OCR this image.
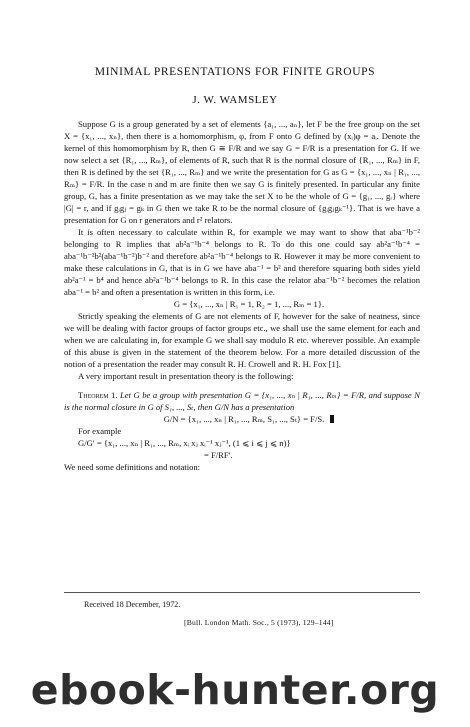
MINIMAL PRESENTATIONS FOR FINITE GROUPS
J. W. WAMSLEY

Suppose G is a group generated by a set of elements {a₁, ..., aₙ}, let F be the free group on the set X = {x₁, ..., xₙ}, then there is a homomorphism, φ, from F onto G defined by (xᵢ)φ = aᵢ. Denote the kernel of this homomorphism by R, then G ≅ F/R and we say G = F/R is a presentation for G. If we now select a set {R₁, ..., Rₘ}, of elements of R, such that R is the normal closure of {R₁, ..., Rₘ} in F, then R is defined by the set {R₁, ..., Rₘ} and we write the presentation for G as G = {x₁, ..., xₙ | R₁, ..., Rₘ} = F/R. In the case n and m are finite then we say G is finitely presented. In particular any finite group, G, has a finite presentation as we may take the set X to be the whole of G = {g₁, ..., gᵣ} where |G| = r, and if gᵢgⱼ = gₖ in G then we take R to be the normal closure of {gᵢgⱼgₖ⁻¹}. That is we have a presentation for G on r generators and r² relators.

It is often necessary to calculate within R, for example we may want to show that aba⁻¹b⁻² belonging to R implies that ab²a⁻¹b⁻⁴ belongs to R. To do this one could say ab²a⁻¹b⁻⁴ = aba⁻¹b⁻²b²(aba⁻¹b⁻²)b⁻² and therefore ab²a⁻¹b⁻⁴ belongs to R. However it may be more convenient to make these calculations in G, that is in G we have aba⁻¹ = b² and therefore squaring both sides yield ab²a⁻¹ = b⁴ and hence ab²a⁻¹b⁻⁴ belongs to R. In this case the relator aba⁻¹b⁻² becomes the relation aba⁻¹ = b² and often a presentation is written in this form, i.e.

G = {x₁, ..., xₙ | R₁ = 1, R₂ = 1, ..., Rₘ = 1}.

Strictly speaking the elements of G are not elements of F, however for the sake of neatness, since we will be dealing with factor groups of factor groups etc., we shall use the same element for each and when we are calculating in, for example G we shall say modulo R etc. wherever possible. An example of this abuse is given in the statement of the theorem below. For a more detailed discussion of the notion of a presentation the reader may consult R. H. Crowell and R. H. Fox [1].

A very important result in presentation theory is the following:

Theorem 1. Let G be a group with presentation G = {x₁, ..., xₙ | R₁, ..., Rₘ} = F/R, and suppose N is the normal closure in G of S₁, ..., Sₜ, then G/N has a presentation

G/N = {x₁, ..., xₙ | R₁, ..., Rₘ, S₁, ..., Sₜ} = F/S.

For example

G/G′ = {x₁, ..., xₙ | R₁, ..., Rₘ, xᵢ xⱼ xᵢ⁻¹ xⱼ⁻¹, (1 ⩽ i ⩽ j ⩽ n)}

= F/RF′.

We need some definitions and notation:

Received 18 December, 1972.
[Bull. London Math. Soc., 5 (1973), 129–144]
ebook-hunter.org
